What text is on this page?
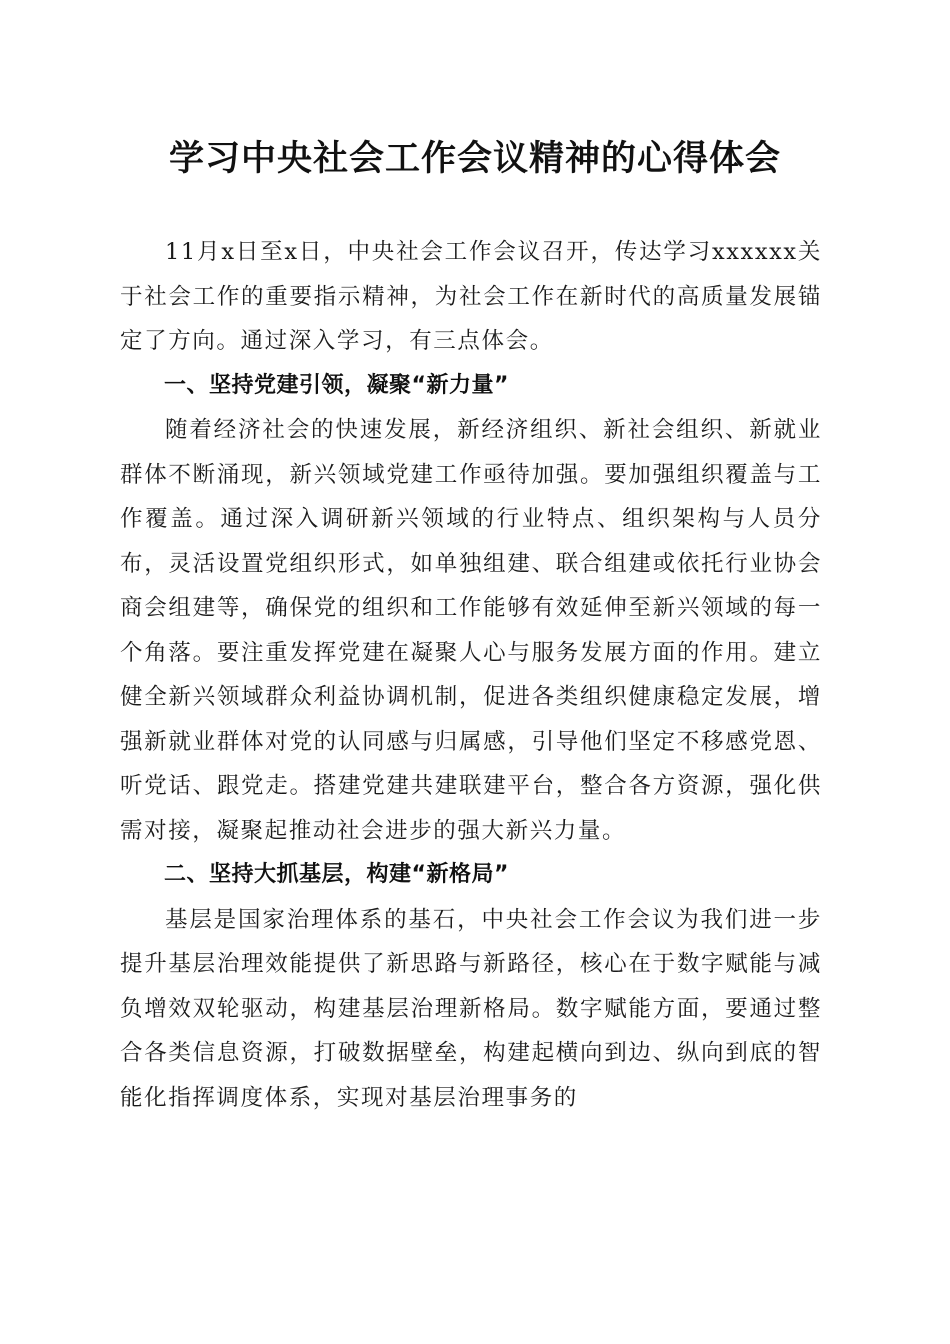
学习中央社会工作会议精神的心得体会

11月x日至x日，中央社会工作会议召开，传达学习xxxxxx关于社会工作的重要指示精神，为社会工作在新时代的高质量发展锚定了方向。通过深入学习，有三点体会。

一、坚持党建引领，凝聚“新力量”

随着经济社会的快速发展，新经济组织、新社会组织、新就业群体不断涌现，新兴领域党建工作亟待加强。要加强组织覆盖与工作覆盖。通过深入调研新兴领域的行业特点、组织架构与人员分布，灵活设置党组织形式，如单独组建、联合组建或依托行业协会商会组建等，确保党的组织和工作能够有效延伸至新兴领域的每一个角落。要注重发挥党建在凝聚人心与服务发展方面的作用。建立健全新兴领域群众利益协调机制，促进各类组织健康稳定发展，增强新就业群体对党的认同感与归属感，引导他们坚定不移感党恩、听党话、跟党走。搭建党建共建联建平台，整合各方资源，强化供需对接，凝聚起推动社会进步的强大新兴力量。

二、坚持大抓基层，构建“新格局”

基层是国家治理体系的基石，中央社会工作会议为我们进一步提升基层治理效能提供了新思路与新路径，核心在于数字赋能与减负增效双轮驱动，构建基层治理新格局。数字赋能方面，要通过整合各类信息资源，打破数据壁垒，构建起横向到边、纵向到底的智能化指挥调度体系，实现对基层治理事务的
